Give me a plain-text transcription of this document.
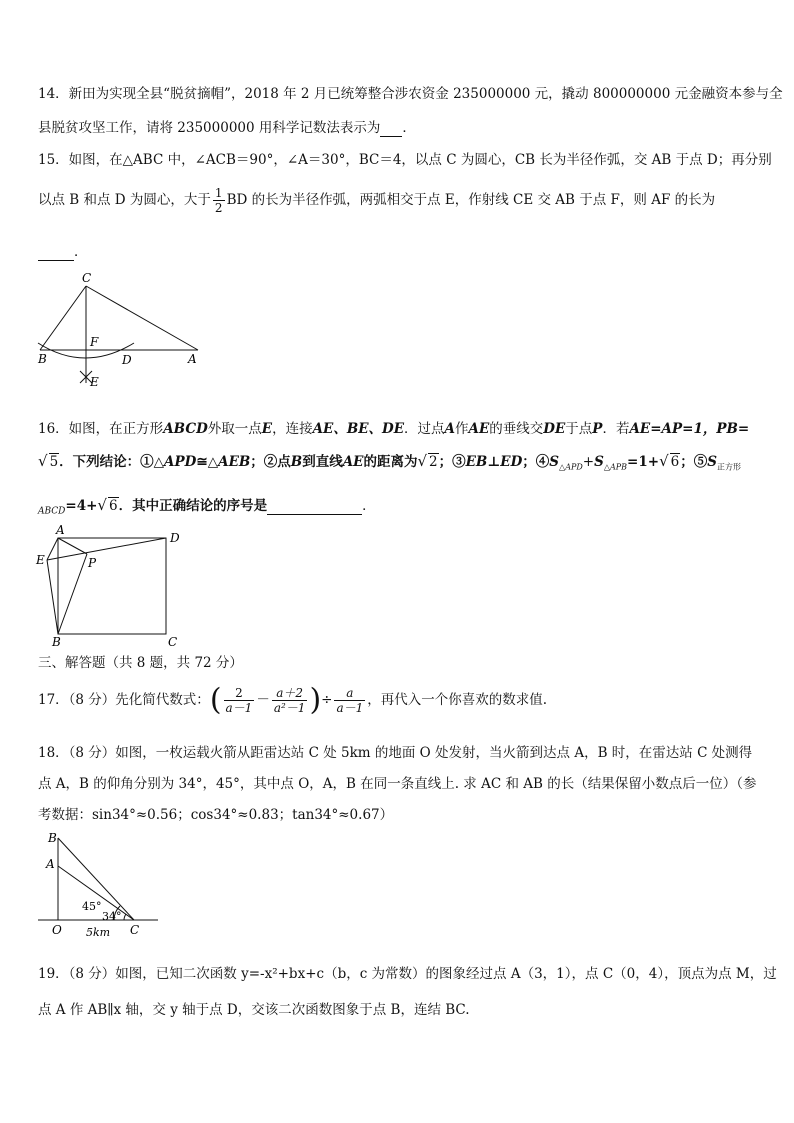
14．新田为实现全县“脱贫摘帽”，2018 年 2 月已统筹整合涉农资金 235000000 元，撬动 800000000 元金融资本参与全
县脱贫攻坚工作，请将 235000000 用科学记数法表示为 ．
15．如图，在△ABC 中，∠ACB＝90°，∠A＝30°，BC＝4，以点 C 为圆心，CB 长为半径作弧，交 AB 于点 D；再分别
以点 B 和点 D 为圆心，大于 $\frac{1}{2}$ BD 的长为半径作弧，两弧相交于点 E，作射线 CE 交 AB 于点 F，则 AF 的长为
．
C
B
F
D	A
E
16．如图，在正方形ABCD外取一点E，连接AE、BE、DE．过点A作AE的垂线交DE于点P．若AE=AP=1，PB=
√ 5．下列结论：①△APD≅△AEB；②点B到直线AE的距离为√ 2；③EB⊥ED；$④S_{\triangle APD}+S_{\triangle APB}=1+√$ 6；$⑤S_{正方形}$
$_{ABCD}$=4+√ 6．其中正确结论的序号是	．
A
D
E	P
B	C
三、解答题（共 8 题，共 72 分）
17．（8 分）先化简代数式：( $\frac{2}{a-1} - \frac{a+2}{\text{a²－1}}$ )÷ $\frac{a}{a-1}$ ，再代入一个你喜欢的数求值.
18．（8 分）如图，一枚运载火箭从距雷达站 C 处 5km 的地面 O 处发射，当火箭到达点 A，B 时，在雷达站 C 处测得
点 A，B 的仰角分别为 34°，45°，其中点 O，A，B 在同一条直线上. 求 AC 和 AB 的长（结果保留小数点后一位）（参
考数据：sin34°≈0.56；cos34°≈0.83；tan34°≈0.67）
B
A
45°
34°
O 5km C
19．（8 分）如图，已知二次函数 y=-x²+bx+c（b，c 为常数）的图象经过点 A（3，1），点 C（0，4），顶点为点 M，过
点 A 作 AB∥x 轴，交 y 轴于点 D，交该二次函数图象于点 B，连结 BC.
